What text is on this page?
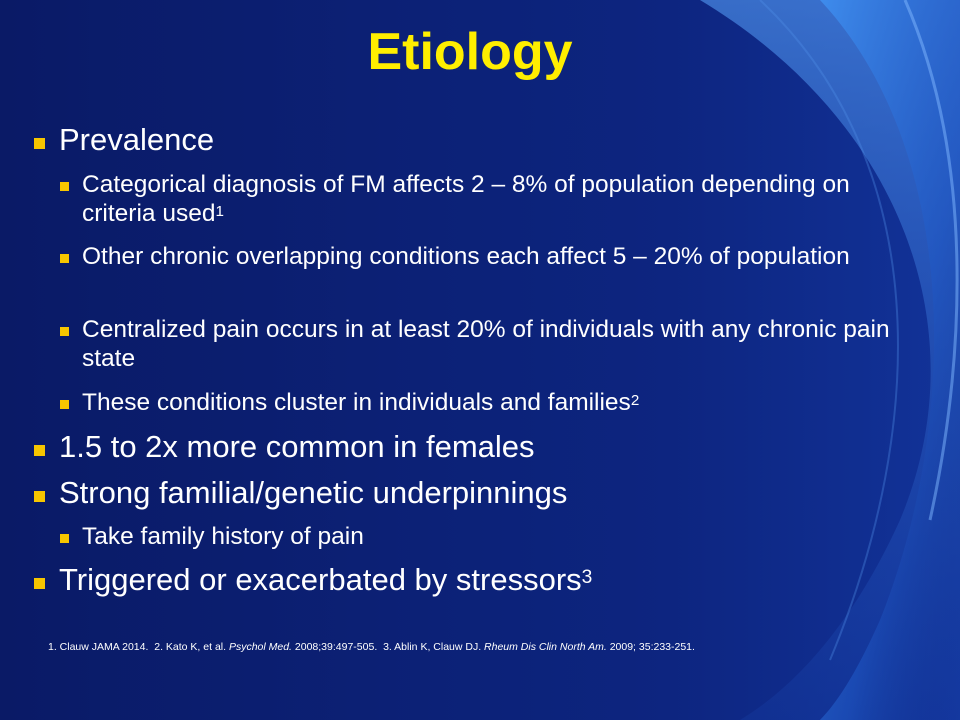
Etiology
Prevalence
Categorical diagnosis of FM affects 2 – 8% of population depending on criteria used$^1$
Other chronic overlapping conditions each affect 5 – 20% of population
Centralized pain occurs in at least 20% of individuals with any chronic pain state
These conditions cluster in individuals and families$^2$
1.5 to 2x more common in females
Strong familial/genetic underpinnings
Take family history of pain
Triggered or exacerbated by stressors$^3$
1. Clauw JAMA 2014. 2. Kato K, et al. Psychol Med. 2008;39:497-505. 3. Ablin K, Clauw DJ. Rheum Dis Clin North Am. 2009; 35:233-251.
